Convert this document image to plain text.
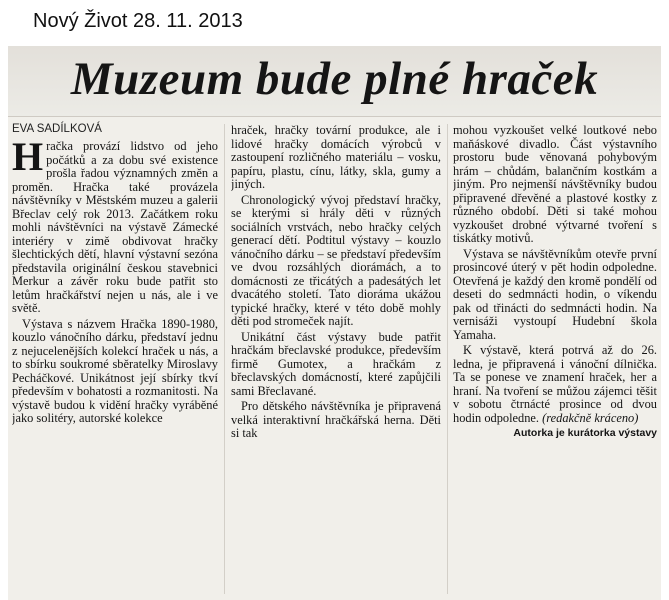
Nový Život 28. 11. 2013
Muzeum bude plné hraček
EVA SADÍLKOVÁ

Hračka provází lidstvo od jeho počátků a za dobu své existence prošla řadou významných změn a proměn. Hračka také provázela návštěvníky v Městském muzeu a galerii Břeclav celý rok 2013. Začátkem roku mohli návštěvníci na výstavě Zámecké interiéry v zimě obdivovat hračky šlechtických dětí, hlavní výstavní sezóna představila originální českou stavebnici Merkur a závěr roku bude patřit sto letům hračkářství nejen u nás, ale i ve světě.

Výstava s názvem Hračka 1890-1980, kouzlo vánočního dárku, představí jednu z nejucelenějších kolekcí hraček u nás, a to sbírku soukromé sběratelky Miroslavy Pecháčkové. Unikátnost její sbírky tkví především v bohatosti a rozmanitosti. Na výstavě budou k vidění hračky vyráběné jako solitéry, autorské kolekce

hraček, hračky tovární produkce, ale i lidové hračky domácích výrobců v zastoupení rozličného materiálu – vosku, papíru, plastu, cínu, látky, skla, gumy a jiných.

Chronologický vývoj představí hračky, se kterými si hrály děti v různých sociálních vrstvách, nebo hračky celých generací dětí. Podtitul výstavy – kouzlo vánočního dárku – se představí především ve dvou rozsáhlých diorámách, a to domácnosti ze třicátých a padesátých let dvacátého století. Tato dioráma ukážou typické hračky, které v této době mohly děti pod stromeček najít.

Unikátní část výstavy bude patřit hračkám břeclavské produkce, především firmě Gumotex, a hračkám z břeclavských domácností, které zapůjčili sami Břeclavané.

Pro dětského návštěvníka je připravená velká interaktivní hračkářská herna. Děti si tak

mohou vyzkoušet velké loutkové nebo maňáskové divadlo. Část výstavního prostoru bude věnovaná pohybovým hrám – chůdám, balančním kostkám a jiným. Pro nejmenší návštěvníky budou připravené dřevěné a plastové kostky z různého období. Děti si také mohou vyzkoušet drobné výtvarné tvoření s tiskátky motivů.

Výstava se návštěvníkům otevře první prosincové úterý v pět hodin odpoledne. Otevřená je každý den kromě pondělí od deseti do sedmnácti hodin, o víkendu pak od třinácti do sedmnácti hodin. Na vernisáži vystoupí Hudební škola Yamaha.

K výstavě, která potrvá až do 26. ledna, je připravená i vánoční dílnička. Ta se ponese ve znamení hraček, her a hraní. Na tvoření se můžou zájemci těšit v sobotu čtrnácté prosince od dvou hodin odpoledne. (redakčně kráceno)

Autorka je kurátorka výstavy
